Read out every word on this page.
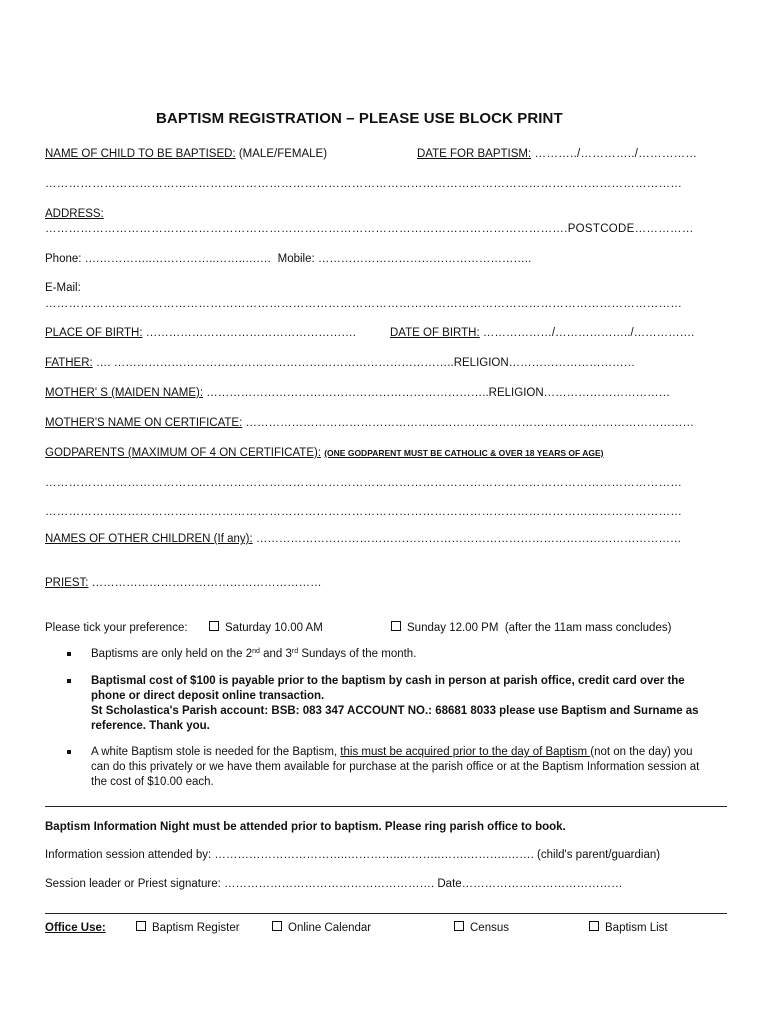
BAPTISM REGISTRATION – PLEASE USE BLOCK PRINT
NAME OF CHILD TO BE BAPTISED: (MALE/FEMALE)	DATE FOR BAPTISM: ………../…………../……………
………………………………………………………………………………………………………………………………………………
ADDRESS:
…………………………………………………………………………………………………………………….POSTCODE……………
Phone: ….…………..……………..……..….… Mobile: ………………………………………………..
E-Mail:
………………………………………………………………………………………………………………………………………………
PLACE OF BIRTH: ……………………………………………….	DATE OF BIRTH: ………………/………………../…………….
FATHER: …. ……………………………………………………………………………..RELIGION……………………………
MOTHER' S (MAIDEN NAME): ………………………………………………………………..RELIGION……………………………
MOTHER'S NAME ON CERTIFICATE: ………………………………………………………………………………………………………
GODPARENTS (MAXIMUM OF 4 ON CERTIFICATE): (ONE GODPARENT MUST BE CATHOLIC & OVER 18 YEARS OF AGE)
………………………………………………………………………………………………………………………………………………
………………………………………………………………………………………………………………………………………………
NAMES OF OTHER CHILDREN (If any): …………………………………………………………………………………………………
PRIEST: ……………………………………………………
Please tick your preference:	Saturday 10.00 AM	Sunday 12.00 PM (after the 11am mass concludes)
Baptisms are only held on the 2nd and 3rd Sundays of the month.
Baptismal cost of $100 is payable prior to the baptism by cash in person at parish office, credit card over the
phone or direct deposit online transaction.
St Scholastica's Parish account: BSB: 083 347 ACCOUNT NO.: 68681 8033 please use Baptism and Surname as
reference. Thank you.
A white Baptism stole is needed for the Baptism, this must be acquired prior to the day of Baptism (not on the day) you
can do this privately or we have them available for purchase at the parish office or at the Baptism Information session at
the cost of $10.00 each.
Baptism Information Night must be attended prior to baptism. Please ring parish office to book.
Information session attended by: ……………………………..…………..………..…….………..……. (child's parent/guardian)
Session leader or Priest signature: ………………………………………………. Date……………………………………
Office Use:	Baptism Register	Online Calendar	Census	Baptism List
